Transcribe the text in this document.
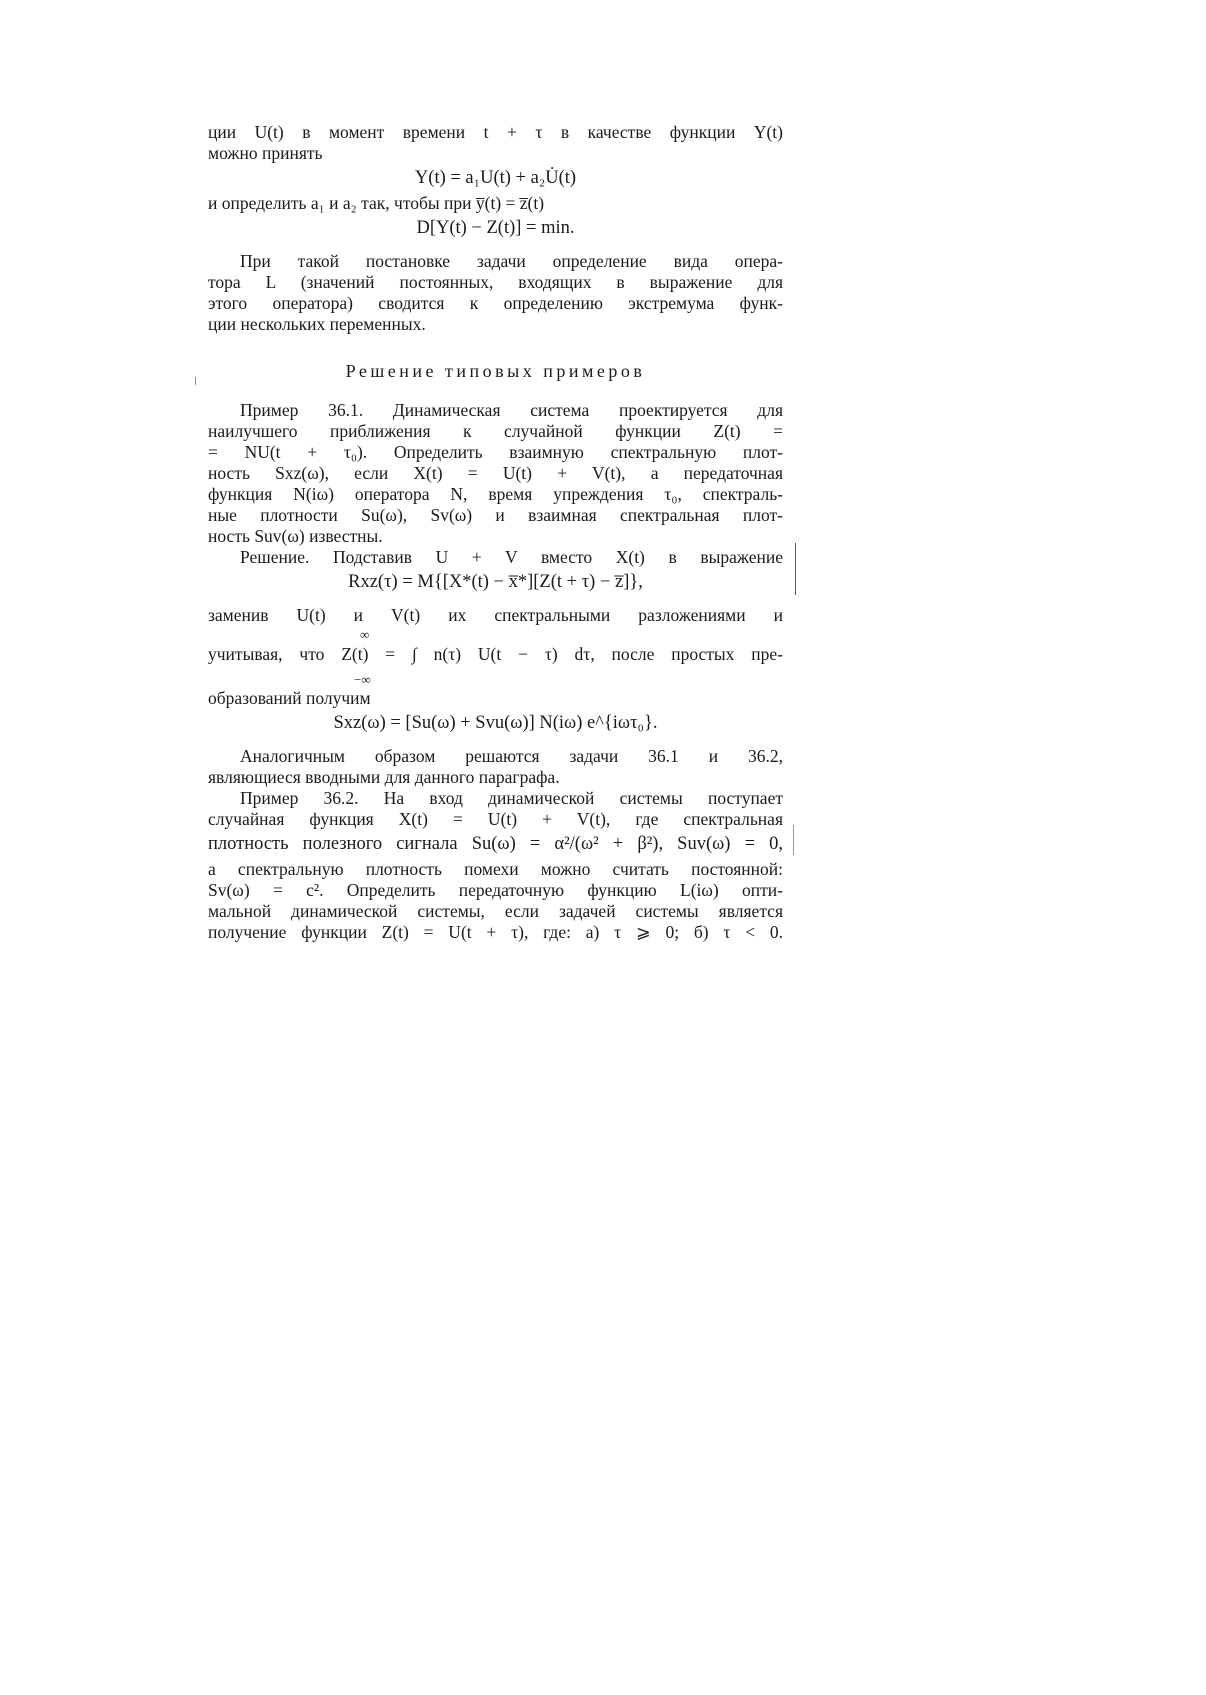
ции U(t) в момент времени t + τ в качестве функции Y(t)
можно принять
Y(t) = a₁U(t) + a₂U̇(t)
и определить a₁ и a₂ так, чтобы при y̅(t) = z̅(t)
D[Y(t) − Z(t)] = min.
При такой постановке задачи определение вида опера-
тора L (значений постоянных, входящих в выражение для
этого оператора) сводится к определению экстремума функ-
ции нескольких переменных.
Решение типовых примеров
Пример 36.1. Динамическая система проектируется для
наилучшего приближения к случайной функции Z(t) =
= NU(t + τ₀). Определить взаимную спектральную плот-
ность Sxz(ω), если X(t) = U(t) + V(t), а передаточная
функция N(iω) оператора N, время упреждения τ₀, спектраль-
ные плотности Su(ω), Sv(ω) и взаимная спектральная плот-
ность Suv(ω) известны.
Решение. Подставив U + V вместо X(t) в выражение
Rxz(τ) = M{[X*(t) − x̅*][Z(t + τ) − z̅]},
заменив U(t) и V(t) их спектральными разложениями и
∞
учитывая, что Z(t) = ∫ n(τ) U(t − τ) dτ, после простых пре-
−∞
образований получим
Sxz(ω) = [Su(ω) + Svu(ω)] N(iω) e^{iωτ₀}.
Аналогичным образом решаются задачи 36.1 и 36.2,
являющиеся вводными для данного параграфа.
Пример 36.2. На вход динамической системы поступает
случайная функция X(t) = U(t) + V(t), где спектральная
плотность полезного сигнала Su(ω) = α²/(ω² + β²), Suv(ω) = 0,
а спектральную плотность помехи можно считать постоянной:
Sv(ω) = c². Определить передаточную функцию L(iω) опти-
мальной динамической системы, если задачей системы является
получение функции Z(t) = U(t + τ), где: а) τ ⩾ 0; б) τ < 0.
